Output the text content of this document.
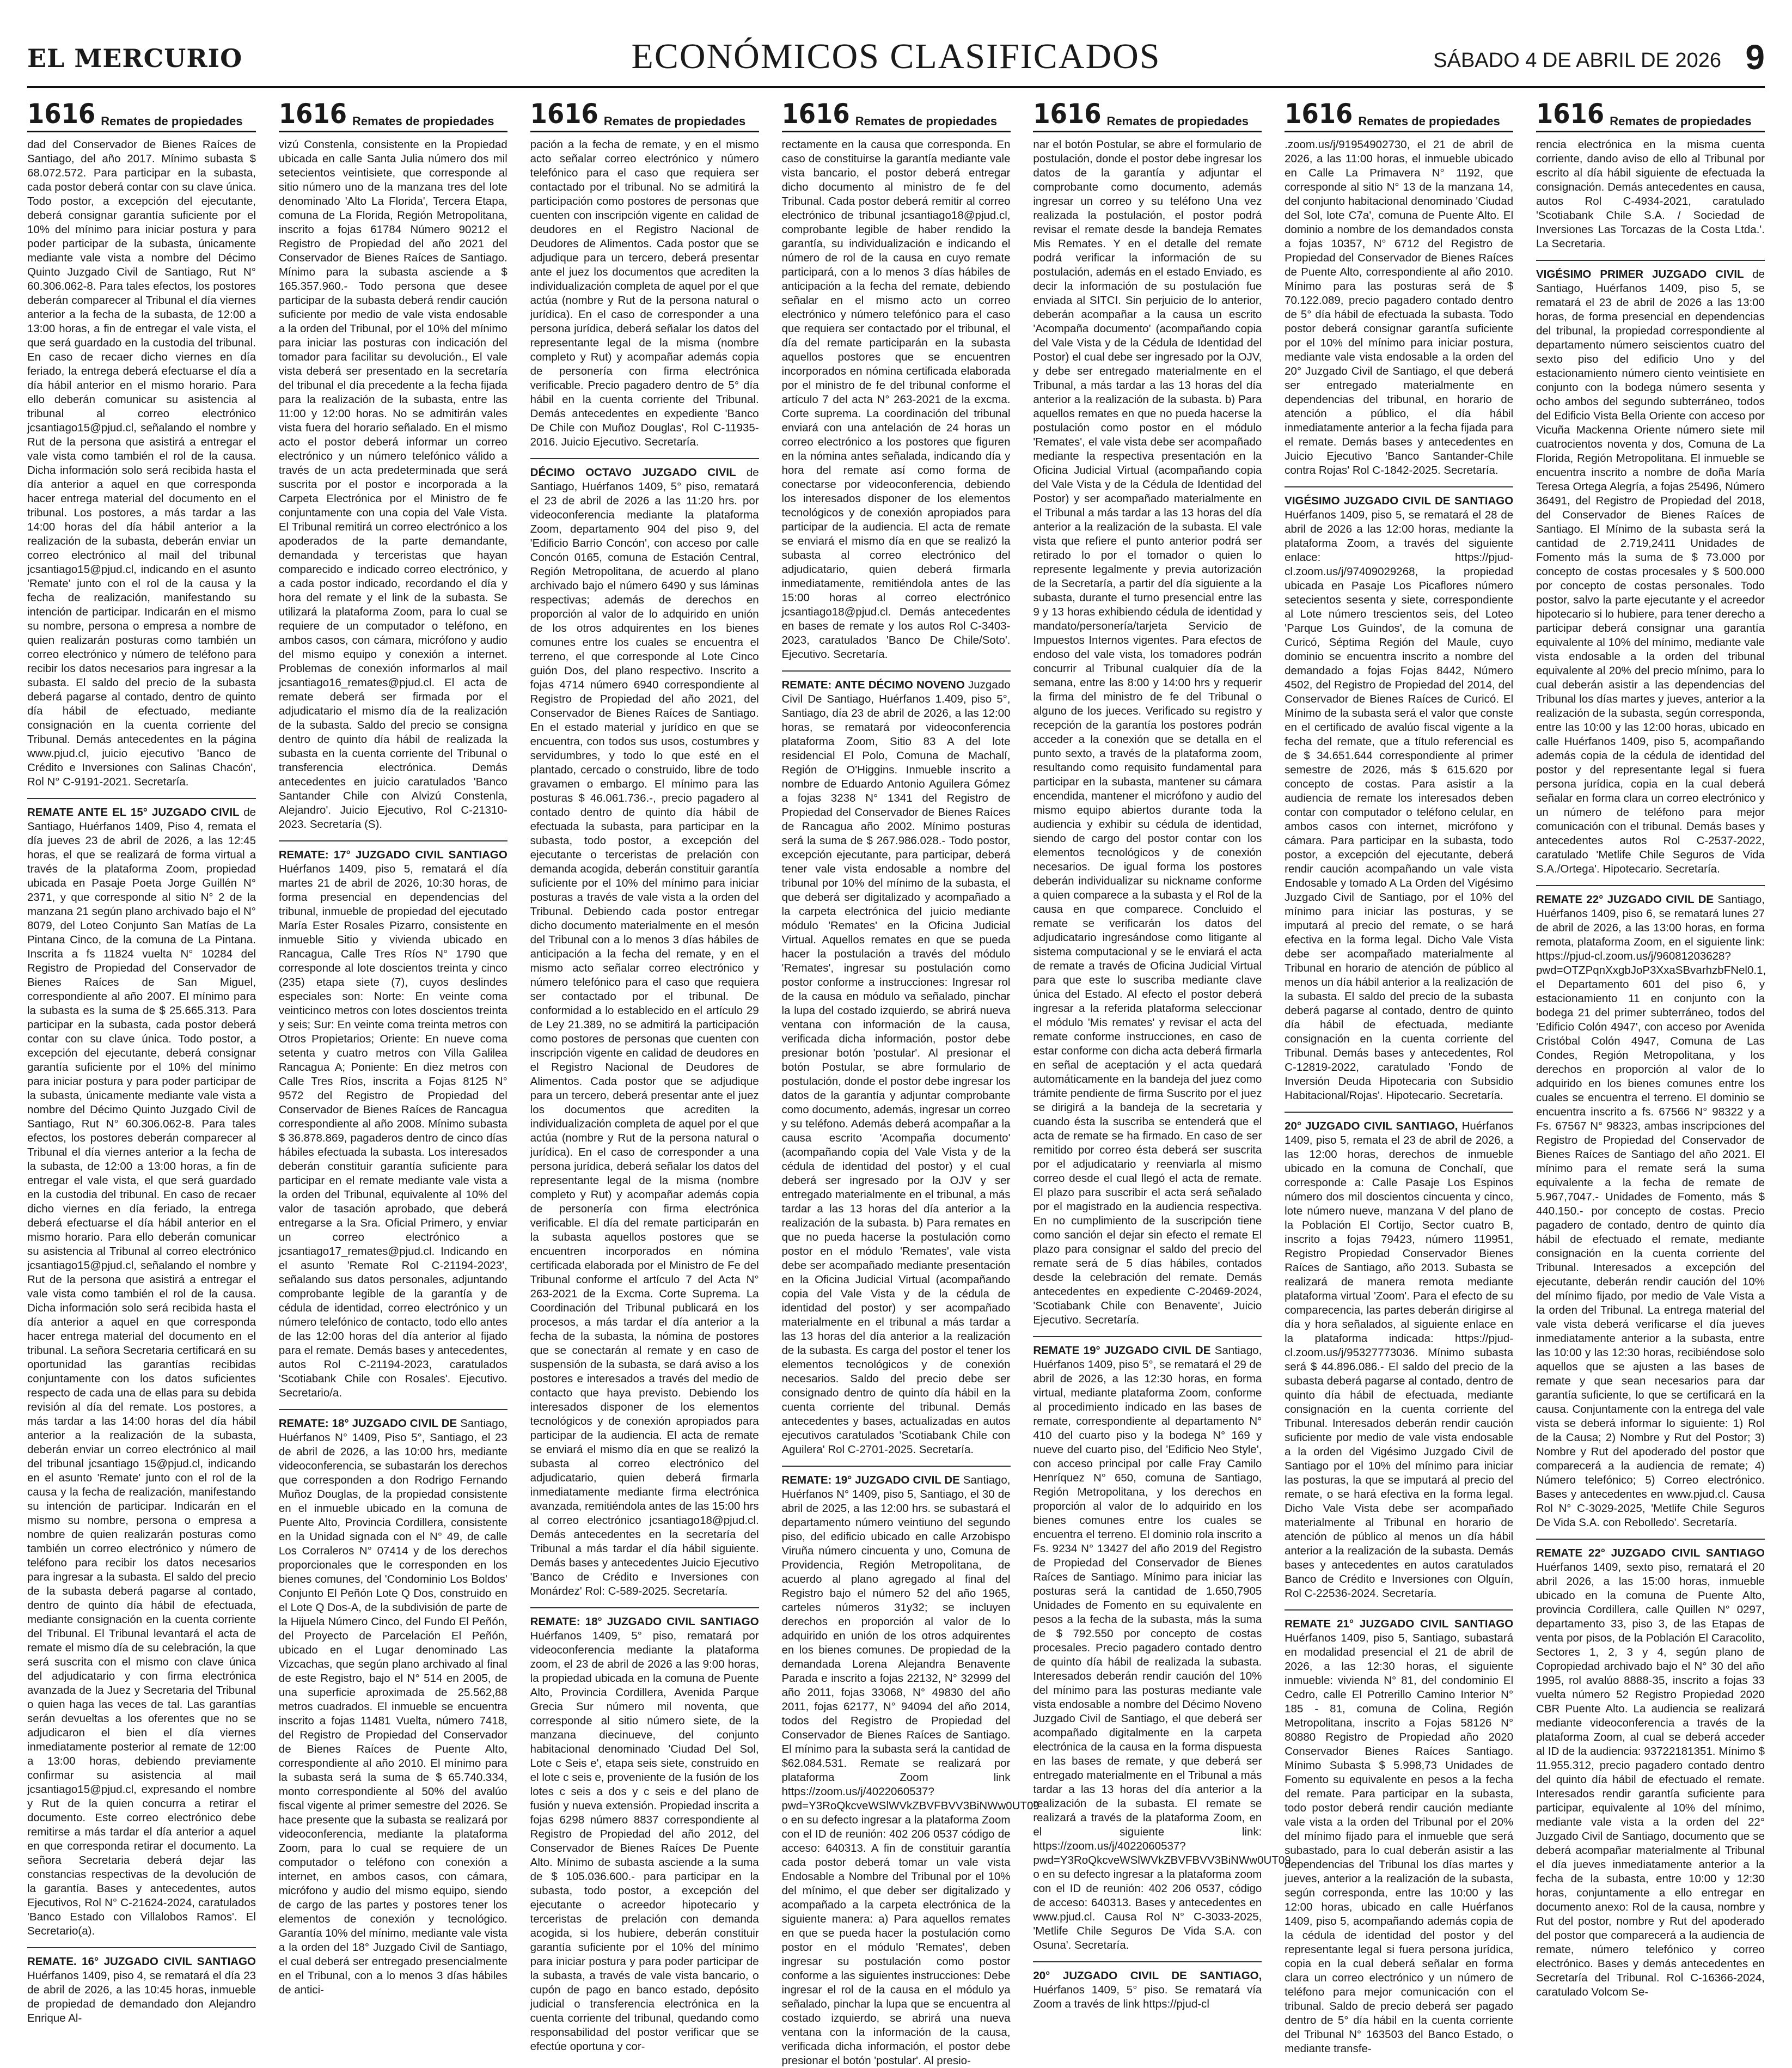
EL MERCURIO	ECONÓMICOS CLASIFICADOS	SÁBADO 4 DE ABRIL DE 2026 9
1616 Remates de propiedades

dad del Conservador de Bienes Raíces de Santiago, del año 2017. Mínimo subasta $ 68.072.572. Para participar en la subasta, cada postor deberá contar con su clave única. Todo postor, a excepción del ejecutante, deberá consignar garantía suficiente por el 10% del mínimo para iniciar postura y para poder participar de la subasta, únicamente mediante vale vista a nombre del Décimo Quinto Juzgado Civil de Santiago, Rut N° 60.306.062-8. Para tales efectos, los postores deberán comparecer al Tribunal el día viernes anterior a la fecha de la subasta, de 12:00 a 13:00 horas, a fin de entregar el vale vista, el que será guardado en la custodia del tribunal. En caso de recaer dicho viernes en día feriado, la entrega deberá efectuarse el día a día hábil anterior en el mismo horario. Para ello deberán comunicar su asistencia al tribunal al correo electrónico jcsantiago15@pjud.cl, señalando el nombre y Rut de la persona que asistirá a entregar el vale vista como también el rol de la causa. Dicha información solo será recibida hasta el día anterior a aquel en que corresponda hacer entrega material del documento en el tribunal. Los postores, a más tardar a las 14:00 horas del día hábil anterior a la realización de la subasta, deberán enviar un correo electrónico al mail del tribunal jcsantiago15@pjud.cl, indicando en el asunto 'Remate' junto con el rol de la causa y la fecha de realización, manifestando su intención de participar. Indicarán en el mismo su nombre, persona o empresa a nombre de quien realizarán posturas como también un correo electrónico y número de teléfono para recibir los datos necesarios para ingresar a la subasta. El saldo del precio de la subasta deberá pagarse al contado, dentro de quinto día hábil de efectuado, mediante consignación en la cuenta corriente del Tribunal. Demás antecedentes en la página www.pjud.cl, juicio ejecutivo 'Banco de Crédito e Inversiones con Salinas Chacón', Rol N° C-9191-2021. Secretaría.

REMATE ANTE EL 15° JUZGADO CIVIL de Santiago, Huérfanos 1409, Piso 4, remata el día jueves 23 de abril de 2026, a las 12:45 horas, el que se realizará de forma virtual a través de la plataforma Zoom, propiedad ubicada en Pasaje Poeta Jorge Guillén N° 2371, y que corresponde al sitio N° 2 de la manzana 21 según plano archivado bajo el N° 8079, del Loteo Conjunto San Matías de La Pintana Cinco, de la comuna de La Pintana. Inscrita a fs 11824 vuelta N° 10284 del Registro de Propiedad del Conservador de Bienes Raíces de San Miguel, correspondiente al año 2007. El mínimo para la subasta es la suma de $ 25.665.313. Para participar en la subasta, cada postor deberá contar con su clave única. Todo postor, a excepción del ejecutante, deberá consignar garantía suficiente por el 10% del mínimo para iniciar postura y para poder participar de la subasta, únicamente mediante vale vista a nombre del Décimo Quinto Juzgado Civil de Santiago, Rut N° 60.306.062-8. Para tales efectos, los postores deberán comparecer al Tribunal el día viernes anterior a la fecha de la subasta, de 12:00 a 13:00 horas, a fin de entregar el vale vista, el que será guardado en la custodia del tribunal. En caso de recaer dicho viernes en día feriado, la entrega deberá efectuarse el día hábil anterior en el mismo horario. Para ello deberán comunicar su asistencia al Tribunal al correo electrónico jcsantiago15@pjud.cl, señalando el nombre y Rut de la persona que asistirá a entregar el vale vista como también el rol de la causa. Dicha información solo será recibida hasta el día anterior a aquel en que corresponda hacer entrega material del documento en el tribunal. La señora Secretaria certificará en su oportunidad las garantías recibidas conjuntamente con los datos suficientes respecto de cada una de ellas para su debida revisión al día del remate. Los postores, a más tardar a las 14:00 horas del día hábil anterior a la realización de la subasta, deberán enviar un correo electrónico al mail del tribunal jcsantiago 15@pjud.cl, indicando en el asunto 'Remate' junto con el rol de la causa y la fecha de realización, manifestando su intención de participar. Indicarán en el mismo su nombre, persona o empresa a nombre de quien realizarán posturas como también un correo electrónico y número de teléfono para recibir los datos necesarios para ingresar a la subasta. El saldo del precio de la subasta deberá pagarse al contado, dentro de quinto día hábil de efectuada, mediante consignación en la cuenta corriente del Tribunal. El Tribunal levantará el acta de remate el mismo día de su celebración, la que será suscrita con el mismo con clave única del adjudicatario y con firma electrónica avanzada de la Juez y Secretaria del Tribunal o quien haga las veces de tal. Las garantías serán devueltas a los oferentes que no se adjudicaron el bien el día viernes inmediatamente posterior al remate de 12:00 a 13:00 horas, debiendo previamente confirmar su asistencia al mail jcsantiago15@pjud.cl, expresando el nombre y Rut de la quien concurra a retirar el documento. Este correo electrónico debe remitirse a más tardar el día anterior a aquel en que corresponda retirar el documento. La señora Secretaria deberá dejar las constancias respectivas de la devolución de la garantía. Bases y antecedentes, autos Ejecutivos, Rol N° C-21624-2024, caratulados 'Banco Estado con Villalobos Ramos'. El Secretario(a).

REMATE. 16° JUZGADO CIVIL SANTIAGO Huérfanos 1409, piso 4, se rematará el día 23 de abril de 2026, a las 10:45 horas, inmueble de propiedad de demandado don Alejandro Enrique Al-

1616 Remates de propiedades

vizú Constenla, consistente en la Propiedad ubicada en calle Santa Julia número dos mil setecientos veintisiete, que corresponde al sitio número uno de la manzana tres del lote denominado 'Alto La Florida', Tercera Etapa, comuna de La Florida, Región Metropolitana, inscrito a fojas 61784 Número 90212 el Registro de Propiedad del año 2021 del Conservador de Bienes Raíces de Santiago. Mínimo para la subasta asciende a $ 165.357.960.- Todo persona que desee participar de la subasta deberá rendir caución suficiente por medio de vale vista endosable a la orden del Tribunal, por el 10% del mínimo para iniciar las posturas con indicación del tomador para facilitar su devolución., El vale vista deberá ser presentado en la secretaría del tribunal el día precedente a la fecha fijada para la realización de la subasta, entre las 11:00 y 12:00 horas. No se admitirán vales vista fuera del horario señalado. En el mismo acto el postor deberá informar un correo electrónico y un número telefónico válido a través de un acta predeterminada que será suscrita por el postor e incorporada a la Carpeta Electrónica por el Ministro de fe conjuntamente con una copia del Vale Vista. El Tribunal remitirá un correo electrónico a los apoderados de la parte demandante, demandada y terceristas que hayan comparecido e indicado correo electrónico, y a cada postor indicado, recordando el día y hora del remate y el link de la subasta. Se utilizará la plataforma Zoom, para lo cual se requiere de un computador o teléfono, en ambos casos, con cámara, micrófono y audio del mismo equipo y conexión a internet. Problemas de conexión informarlos al mail jcsantiago16_remates@pjud.cl. El acta de remate deberá ser firmada por el adjudicatario el mismo día de la realización de la subasta. Saldo del precio se consigna dentro de quinto día hábil de realizada la subasta en la cuenta corriente del Tribunal o transferencia electrónica. Demás antecedentes en juicio caratulados 'Banco Santander Chile con Alvizú Constenla, Alejandro'. Juicio Ejecutivo, Rol C-21310-2023. Secretaría (S).

REMATE: 17° JUZGADO CIVIL SANTIAGO Huérfanos 1409, piso 5, rematará el día martes 21 de abril de 2026, 10:30 horas, de forma presencial en dependencias del tribunal, inmueble de propiedad del ejecutado María Ester Rosales Pizarro, consistente en inmueble Sitio y vivienda ubicado en Rancagua, Calle Tres Ríos N° 1790 que corresponde al lote doscientos treinta y cinco (235) etapa siete (7), cuyos deslindes especiales son: Norte: En veinte coma veinticinco metros con lotes doscientos treinta y seis; Sur: En veinte coma treinta metros con Otros Propietarios; Oriente: En nueve coma setenta y cuatro metros con Villa Galilea Rancagua A; Poniente: En diez metros con Calle Tres Ríos, inscrita a Fojas 8125 N° 9572 del Registro de Propiedad del Conservador de Bienes Raíces de Rancagua correspondiente al año 2008. Mínimo subasta $ 36.878.869, pagaderos dentro de cinco días hábiles efectuada la subasta. Los interesados deberán constituir garantía suficiente para participar en el remate mediante vale vista a la orden del Tribunal, equivalente al 10% del valor de tasación aprobado, que deberá entregarse a la Sra. Oficial Primero, y enviar un correo electrónico a jcsantiago17_remates@pjud.cl. Indicando en el asunto 'Remate Rol C-21194-2023', señalando sus datos personales, adjuntando comprobante legible de la garantía y de cédula de identidad, correo electrónico y un número telefónico de contacto, todo ello antes de las 12:00 horas del día anterior al fijado para el remate. Demás bases y antecedentes, autos Rol C-21194-2023, caratulados 'Scotiabank Chile con Rosales'. Ejecutivo. Secretario/a.

REMATE: 18° JUZGADO CIVIL DE Santiago, Huérfanos N° 1409, Piso 5°, Santiago, el 23 de abril de 2026, a las 10:00 hrs, mediante videoconferencia, se subastarán los derechos que corresponden a don Rodrigo Fernando Muñoz Douglas, de la propiedad consistente en el inmueble ubicado en la comuna de Puente Alto, Provincia Cordillera, consistente en la Unidad signada con el N° 49, de calle Los Corraleros N° 07414 y de los derechos proporcionales que le corresponden en los bienes comunes, del 'Condominio Los Boldos' Conjunto El Peñón Lote Q Dos, construido en el Lote Q Dos-A, de la subdivisión de parte de la Hijuela Número Cinco, del Fundo El Peñón, del Proyecto de Parcelación El Peñón, ubicado en el Lugar denominado Las Vizcachas, que según plano archivado al final de este Registro, bajo el N° 514 en 2005, de una superficie aproximada de 25.562,88 metros cuadrados. El inmueble se encuentra inscrito a fojas 11481 Vuelta, número 7418, del Registro de Propiedad del Conservador de Bienes Raíces de Puente Alto, correspondiente al año 2010. El mínimo para la subasta será la suma de $ 65.740.334, monto correspondiente al 50% del avalúo fiscal vigente al primer semestre del 2026. Se hace presente que la subasta se realizará por videoconferencia, mediante la plataforma Zoom, para lo cual se requiere de un computador o teléfono con conexión a internet, en ambos casos, con cámara, micrófono y audio del mismo equipo, siendo de cargo de las partes y postores tener los elementos de conexión y tecnológico. Garantía 10% del mínimo, mediante vale vista a la orden del 18° Juzgado Civil de Santiago, el cual deberá ser entregado presencialmente en el Tribunal, con a lo menos 3 días hábiles de antici-

1616 Remates de propiedades

pación a la fecha de remate, y en el mismo acto señalar correo electrónico y número telefónico para el caso que requiera ser contactado por el tribunal. No se admitirá la participación como postores de personas que cuenten con inscripción vigente en calidad de deudores en el Registro Nacional de Deudores de Alimentos. Cada postor que se adjudique para un tercero, deberá presentar ante el juez los documentos que acrediten la individualización completa de aquel por el que actúa (nombre y Rut de la persona natural o jurídica). En el caso de corresponder a una persona jurídica, deberá señalar los datos del representante legal de la misma (nombre completo y Rut) y acompañar además copia de personería con firma electrónica verificable. Precio pagadero dentro de 5° día hábil en la cuenta corriente del Tribunal. Demás antecedentes en expediente 'Banco De Chile con Muñoz Douglas', Rol C-11935-2016. Juicio Ejecutivo. Secretaría.

DÉCIMO OCTAVO JUZGADO CIVIL de Santiago, Huérfanos 1409, 5° piso, rematará el 23 de abril de 2026 a las 11:20 hrs. por videoconferencia mediante la plataforma Zoom, departamento 904 del piso 9, del 'Edificio Barrio Concón', con acceso por calle Concón 0165, comuna de Estación Central, Región Metropolitana, de acuerdo al plano archivado bajo el número 6490 y sus láminas respectivas; además de derechos en proporción al valor de lo adquirido en unión de los otros adquirentes en los bienes comunes entre los cuales se encuentra el terreno, el que corresponde al Lote Cinco guión Dos, del plano respectivo. Inscrito a fojas 4714 número 6940 correspondiente al Registro de Propiedad del año 2021, del Conservador de Bienes Raíces de Santiago. En el estado material y jurídico en que se encuentra, con todos sus usos, costumbres y servidumbres, y todo lo que esté en el plantado, cercado o construido, libre de todo gravamen o embargo. El mínimo para las posturas $ 46.061.736.-, precio pagadero al contado dentro de quinto día hábil de efectuada la subasta, para participar en la subasta, todo postor, a excepción del ejecutante o terceristas de prelación con demanda acogida, deberán constituir garantía suficiente por el 10% del mínimo para iniciar posturas a través de vale vista a la orden del Tribunal. Debiendo cada postor entregar dicho documento materialmente en el mesón del Tribunal con a lo menos 3 días hábiles de anticipación a la fecha del remate, y en el mismo acto señalar correo electrónico y número telefónico para el caso que requiera ser contactado por el tribunal. De conformidad a lo establecido en el artículo 29 de Ley 21.389, no se admitirá la participación como postores de personas que cuenten con inscripción vigente en calidad de deudores en el Registro Nacional de Deudores de Alimentos. Cada postor que se adjudique para un tercero, deberá presentar ante el juez los documentos que acrediten la individualización completa de aquel por el que actúa (nombre y Rut de la persona natural o jurídica). En el caso de corresponder a una persona jurídica, deberá señalar los datos del representante legal de la misma (nombre completo y Rut) y acompañar además copia de personería con firma electrónica verificable. El día del remate participarán en la subasta aquellos postores que se encuentren incorporados en nómina certificada elaborada por el Ministro de Fe del Tribunal conforme el artículo 7 del Acta N° 263-2021 de la Excma. Corte Suprema. La Coordinación del Tribunal publicará en los procesos, a más tardar el día anterior a la fecha de la subasta, la nómina de postores que se conectarán al remate y en caso de suspensión de la subasta, se dará aviso a los postores e interesados a través del medio de contacto que haya previsto. Debiendo los interesados disponer de los elementos tecnológicos y de conexión apropiados para participar de la audiencia. El acta de remate se enviará el mismo día en que se realizó la subasta al correo electrónico del adjudicatario, quien deberá firmarla inmediatamente mediante firma electrónica avanzada, remitiéndola antes de las 15:00 hrs al correo electrónico jcsantiago18@pjud.cl. Demás antecedentes en la secretaría del Tribunal a más tardar el día hábil siguiente. Demás bases y antecedentes Juicio Ejecutivo 'Banco de Crédito e Inversiones con Monárdez' Rol: C-589-2025. Secretaría.

REMATE: 18° JUZGADO CIVIL SANTIAGO Huérfanos 1409, 5° piso, rematará por videoconferencia mediante la plataforma zoom, el 23 de abril de 2026 a las 9:00 horas, la propiedad ubicada en la comuna de Puente Alto, Provincia Cordillera, Avenida Parque Grecia Sur número mil noventa, que corresponde al sitio número siete, de la manzana diecinueve, del conjunto habitacional denominado 'Ciudad Del Sol, Lote c Seis e', etapa seis siete, construido en el lote c seis e, proveniente de la fusión de los lotes c seis a dos y c seis e del plano de fusión y nueva extensión. Propiedad inscrita a fojas 6298 número 8837 correspondiente al Registro de Propiedad del año 2012, del Conservador de Bienes Raíces De Puente Alto. Mínimo de subasta asciende a la suma de $ 105.036.600.- para participar en la subasta, todo postor, a excepción del ejecutante o acreedor hipotecario y terceristas de prelación con demanda acogida, si los hubiere, deberán constituir garantía suficiente por el 10% del mínimo para iniciar postura y para poder participar de la subasta, a través de vale vista bancario, o cupón de pago en banco estado, depósito judicial o transferencia electrónica en la cuenta corriente del tribunal, quedando como responsabilidad del postor verificar que se efectúe oportuna y cor-

1616 Remates de propiedades

rectamente en la causa que corresponda. En caso de constituirse la garantía mediante vale vista bancario, el postor deberá entregar dicho documento al ministro de fe del Tribunal. Cada postor deberá remitir al correo electrónico de tribunal jcsantiago18@pjud.cl, comprobante legible de haber rendido la garantía, su individualización e indicando el número de rol de la causa en cuyo remate participará, con a lo menos 3 días hábiles de anticipación a la fecha del remate, debiendo señalar en el mismo acto un correo electrónico y número telefónico para el caso que requiera ser contactado por el tribunal, el día del remate participarán en la subasta aquellos postores que se encuentren incorporados en nómina certificada elaborada por el ministro de fe del tribunal conforme el artículo 7 del acta N° 263-2021 de la excma. Corte suprema. La coordinación del tribunal enviará con una antelación de 24 horas un correo electrónico a los postores que figuren en la nómina antes señalada, indicando día y hora del remate así como forma de conectarse por videoconferencia, debiendo los interesados disponer de los elementos tecnológicos y de conexión apropiados para participar de la audiencia. El acta de remate se enviará el mismo día en que se realizó la subasta al correo electrónico del adjudicatario, quien deberá firmarla inmediatamente, remitiéndola antes de las 15:00 horas al correo electrónico jcsantiago18@pjud.cl. Demás antecedentes en bases de remate y los autos Rol C-3403-2023, caratulados 'Banco De Chile/Soto'. Ejecutivo. Secretaría.

REMATE: ANTE DÉCIMO NOVENO Juzgado Civil De Santiago, Huérfanos 1.409, piso 5°, Santiago, día 23 de abril de 2026, a las 12:00 horas, se rematará por videoconferencia plataforma Zoom, Sitio 83 A del lote residencial El Polo, Comuna de Machalí, Región de O'Higgins. Inmueble inscrito a nombre de Eduardo Antonio Aguilera Gómez a fojas 3238 N° 1341 del Registro de Propiedad del Conservador de Bienes Raíces de Rancagua año 2002. Mínimo posturas será la suma de $ 267.986.028.- Todo postor, excepción ejecutante, para participar, deberá tener vale vista endosable a nombre del tribunal por 10% del mínimo de la subasta, el que deberá ser digitalizado y acompañado a la carpeta electrónica del juicio mediante módulo 'Remates' en la Oficina Judicial Virtual. Aquellos remates en que se pueda hacer la postulación a través del módulo 'Remates', ingresar su postulación como postor conforme a instrucciones: Ingresar rol de la causa en módulo va señalado, pinchar la lupa del costado izquierdo, se abrirá nueva ventana con información de la causa, verificada dicha información, postor debe presionar botón 'postular'. Al presionar el botón Postular, se abre formulario de postulación, donde el postor debe ingresar los datos de la garantía y adjuntar comprobante como documento, además, ingresar un correo y su teléfono. Además deberá acompañar a la causa escrito 'Acompaña documento' (acompañando copia del Vale Vista y de la cédula de identidad del postor) y el cual deberá ser ingresado por la OJV y ser entregado materialmente en el tribunal, a más tardar a las 13 horas del día anterior a la realización de la subasta. b) Para remates en que no pueda hacerse la postulación como postor en el módulo 'Remates', vale vista debe ser acompañado mediante presentación en la Oficina Judicial Virtual (acompañando copia del Vale Vista y de la cédula de identidad del postor) y ser acompañado materialmente en el tribunal a más tardar a las 13 horas del día anterior a la realización de la subasta. Es carga del postor el tener los elementos tecnológicos y de conexión necesarios. Saldo del precio debe ser consignado dentro de quinto día hábil en la cuenta corriente del tribunal. Demás antecedentes y bases, actualizadas en autos ejecutivos caratulados 'Scotiabank Chile con Aguilera' Rol C-2701-2025. Secretaría.

REMATE: 19° JUZGADO CIVIL DE Santiago, Huérfanos N° 1409, piso 5, Santiago, el 30 de abril de 2025, a las 12:00 hrs. se subastará el departamento número veintiuno del segundo piso, del edificio ubicado en calle Arzobispo Viruña número cincuenta y uno, Comuna de Providencia, Región Metropolitana, de acuerdo al plano agregado al final del Registro bajo el número 52 del año 1965, carteles números 31y32; se incluyen derechos en proporción al valor de lo adquirido en unión de los otros adquirentes en los bienes comunes. De propiedad de la demandada Lorena Alejandra Benavente Parada e inscrito a fojas 22132, N° 32999 del año 2011, fojas 33068, N° 49830 del año 2011, fojas 62177, N° 94094 del año 2014, todos del Registro de Propiedad del Conservador de Bienes Raíces de Santiago. El mínimo para la subasta será la cantidad de $62.084.531. Remate se realizará por plataforma Zoom link https://zoom.us/j/4022060537?pwd=Y3RoQkcveWSlWVkZBVFBVV3BiNWw0UT09 o en su defecto ingresar a la plataforma Zoom con el ID de reunión: 402 206 0537 código de acceso: 640313. A fin de constituir garantía cada postor deberá tomar un vale vista Endosable a Nombre del Tribunal por el 10% del mínimo, el que deber ser digitalizado y acompañado a la carpeta electrónica de la siguiente manera: a) Para aquellos remates en que se pueda hacer la postulación como postor en el módulo 'Remates', deben ingresar su postulación como postor conforme a las siguientes instrucciones: Debe ingresar el rol de la causa en el módulo ya señalado, pinchar la lupa que se encuentra al costado izquierdo, se abrirá una nueva ventana con la información de la causa, verificada dicha información, el postor debe presionar el botón 'postular'. Al presio-

1616 Remates de propiedades

nar el botón Postular, se abre el formulario de postulación, donde el postor debe ingresar los datos de la garantía y adjuntar el comprobante como documento, además ingresar un correo y su teléfono Una vez realizada la postulación, el postor podrá revisar el remate desde la bandeja Remates Mis Remates. Y en el detalle del remate podrá verificar la información de su postulación, además en el estado Enviado, es decir la información de su postulación fue enviada al SITCI. Sin perjuicio de lo anterior, deberán acompañar a la causa un escrito 'Acompaña documento' (acompañando copia del Vale Vista y de la Cédula de Identidad del Postor) el cual debe ser ingresado por la OJV, y debe ser entregado materialmente en el Tribunal, a más tardar a las 13 horas del día anterior a la realización de la subasta. b) Para aquellos remates en que no pueda hacerse la postulación como postor en el módulo 'Remates', el vale vista debe ser acompañado mediante la respectiva presentación en la Oficina Judicial Virtual (acompañando copia del Vale Vista y de la Cédula de Identidad del Postor) y ser acompañado materialmente en el Tribunal a más tardar a las 13 horas del día anterior a la realización de la subasta. El vale vista que refiere el punto anterior podrá ser retirado lo por el tomador o quien lo represente legalmente y previa autorización de la Secretaría, a partir del día siguiente a la subasta, durante el turno presencial entre las 9 y 13 horas exhibiendo cédula de identidad y mandato/personería/tarjeta Servicio de Impuestos Internos vigentes. Para efectos de endoso del vale vista, los tomadores podrán concurrir al Tribunal cualquier día de la semana, entre las 8:00 y 14:00 hrs y requerir la firma del ministro de fe del Tribunal o alguno de los jueces. Verificado su registro y recepción de la garantía los postores podrán acceder a la conexión que se detalla en el punto sexto, a través de la plataforma zoom, resultando como requisito fundamental para participar en la subasta, mantener su cámara encendida, mantener el micrófono y audio del mismo equipo abiertos durante toda la audiencia y exhibir su cédula de identidad, siendo de cargo del postor contar con los elementos tecnológicos y de conexión necesarios. De igual forma los postores deberán individualizar su nickname conforme a quien comparece a la subasta y el Rol de la causa en que comparece. Concluido el remate se verificarán los datos del adjudicatario ingresándose como litigante al sistema computacional y se le enviará el acta de remate a través de Oficina Judicial Virtual para que este lo suscriba mediante clave única del Estado. Al efecto el postor deberá ingresar a la referida plataforma seleccionar el módulo 'Mis remates' y revisar el acta del remate conforme instrucciones, en caso de estar conforme con dicha acta deberá firmarla en señal de aceptación y el acta quedará automáticamente en la bandeja del juez como trámite pendiente de firma Suscrito por el juez se dirigirá a la bandeja de la secretaria y cuando ésta la suscriba se entenderá que el acta de remate se ha firmado. En caso de ser remitido por correo ésta deberá ser suscrita por el adjudicatario y reenviarla al mismo correo desde el cual llegó el acta de remate. El plazo para suscribir el acta será señalado por el magistrado en la audiencia respectiva. En no cumplimiento de la suscripción tiene como sanción el dejar sin efecto el remate El plazo para consignar el saldo del precio del remate será de 5 días hábiles, contados desde la celebración del remate. Demás antecedentes en expediente C-20469-2024, 'Scotiabank Chile con Benavente', Juicio Ejecutivo. Secretaría.

REMATE 19° JUZGADO CIVIL DE Santiago, Huérfanos 1409, piso 5°, se rematará el 29 de abril de 2026, a las 12:30 horas, en forma virtual, mediante plataforma Zoom, conforme al procedimiento indicado en las bases de remate, correspondiente al departamento N° 410 del cuarto piso y la bodega N° 169 y nueve del cuarto piso, del 'Edificio Neo Style', con acceso principal por calle Fray Camilo Henríquez N° 650, comuna de Santiago, Región Metropolitana, y los derechos en proporción al valor de lo adquirido en los bienes comunes entre los cuales se encuentra el terreno. El dominio rola inscrito a Fs. 9234 N° 13427 del año 2019 del Registro de Propiedad del Conservador de Bienes Raíces de Santiago. Mínimo para iniciar las posturas será la cantidad de 1.650,7905 Unidades de Fomento en su equivalente en pesos a la fecha de la subasta, más la suma de $ 792.550 por concepto de costas procesales. Precio pagadero contado dentro de quinto día hábil de realizada la subasta. Interesados deberán rendir caución del 10% del mínimo para las posturas mediante vale vista endosable a nombre del Décimo Noveno Juzgado Civil de Santiago, el que deberá ser acompañado digitalmente en la carpeta electrónica de la causa en la forma dispuesta en las bases de remate, y que deberá ser entregado materialmente en el Tribunal a más tardar a las 13 horas del día anterior a la realización de la subasta. El remate se realizará a través de la plataforma Zoom, en el siguiente link: https://zoom.us/j/4022060537?pwd=Y3RoQkcveWSlWVkZBVFBVV3BiNWw0UT09 o en su defecto ingresar a la plataforma zoom con el ID de reunión: 402 206 0537, código de acceso: 640313. Bases y antecedentes en www.pjud.cl. Causa Rol N° C-3033-2025, 'Metlife Chile Seguros De Vida S.A. con Osuna'. Secretaría.

20° JUZGADO CIVIL DE SANTIAGO, Huérfanos 1409, 5° piso. Se rematará vía Zoom a través de link https://pjud-cl

1616 Remates de propiedades

.zoom.us/j/91954902730, el 21 de abril de 2026, a las 11:00 horas, el inmueble ubicado en Calle La Primavera N° 1192, que corresponde al sitio N° 13 de la manzana 14, del conjunto habitacional denominado 'Ciudad del Sol, lote C7a', comuna de Puente Alto. El dominio a nombre de los demandados consta a fojas 10357, N° 6712 del Registro de Propiedad del Conservador de Bienes Raíces de Puente Alto, correspondiente al año 2010. Mínimo para las posturas será de $ 70.122.089, precio pagadero contado dentro de 5° día hábil de efectuada la subasta. Todo postor deberá consignar garantía suficiente por el 10% del mínimo para iniciar postura, mediante vale vista endosable a la orden del 20° Juzgado Civil de Santiago, el que deberá ser entregado materialmente en dependencias del tribunal, en horario de atención a público, el día hábil inmediatamente anterior a la fecha fijada para el remate. Demás bases y antecedentes en Juicio Ejecutivo 'Banco Santander-Chile contra Rojas' Rol C-1842-2025. Secretaría.

VIGÉSIMO JUZGADO CIVIL DE SANTIAGO Huérfanos 1409, piso 5, se rematará el 28 de abril de 2026 a las 12:00 horas, mediante la plataforma Zoom, a través del siguiente enlace: https://pjud-cl.zoom.us/j/97409029268, la propiedad ubicada en Pasaje Los Picaflores número setecientos sesenta y siete, correspondiente al Lote número trescientos seis, del Loteo 'Parque Los Guindos', de la comuna de Curicó, Séptima Región del Maule, cuyo dominio se encuentra inscrito a nombre del demandado a fojas Fojas 8442, Número 4502, del Registro de Propiedad del 2014, del Conservador de Bienes Raíces de Curicó. El Mínimo de la subasta será el valor que conste en el certificado de avalúo fiscal vigente a la fecha del remate, que a título referencial es de $ 34.651.644 correspondiente al primer semestre de 2026, más $ 615.620 por concepto de costas. Para asistir a la audiencia de remate los interesados deben contar con computador o teléfono celular, en ambos casos con internet, micrófono y cámara. Para participar en la subasta, todo postor, a excepción del ejecutante, deberá rendir caución acompañando un vale vista Endosable y tomado A La Orden del Vigésimo Juzgado Civil de Santiago, por el 10% del mínimo para iniciar las posturas, y se imputará al precio del remate, o se hará efectiva en la forma legal. Dicho Vale Vista debe ser acompañado materialmente al Tribunal en horario de atención de público al menos un día hábil anterior a la realización de la subasta. El saldo del precio de la subasta deberá pagarse al contado, dentro de quinto día hábil de efectuada, mediante consignación en la cuenta corriente del Tribunal. Demás bases y antecedentes, Rol C-12819-2022, caratulado 'Fondo de Inversión Deuda Hipotecaria con Subsidio Habitacional/Rojas'. Hipotecario. Secretaría.

20° JUZGADO CIVIL SANTIAGO, Huérfanos 1409, piso 5, remata el 23 de abril de 2026, a las 12:00 horas, derechos de inmueble ubicado en la comuna de Conchalí, que corresponde a: Calle Pasaje Los Espinos número dos mil doscientos cincuenta y cinco, lote número nueve, manzana V del plano de la Población El Cortijo, Sector cuatro B, inscrito a fojas 79423, número 119951, Registro Propiedad Conservador Bienes Raíces de Santiago, año 2013. Subasta se realizará de manera remota mediante plataforma virtual 'Zoom'. Para el efecto de su comparecencia, las partes deberán dirigirse al día y hora señalados, al siguiente enlace en la plataforma indicada: https://pjud-cl.zoom.us/j/95327773036. Mínimo subasta será $ 44.896.086.- El saldo del precio de la subasta deberá pagarse al contado, dentro de quinto día hábil de efectuada, mediante consignación en la cuenta corriente del Tribunal. Interesados deberán rendir caución suficiente por medio de vale vista endosable a la orden del Vigésimo Juzgado Civil de Santiago por el 10% del mínimo para iniciar las posturas, la que se imputará al precio del remate, o se hará efectiva en la forma legal. Dicho Vale Vista debe ser acompañado materialmente al Tribunal en horario de atención de público al menos un día hábil anterior a la realización de la subasta. Demás bases y antecedentes en autos caratulados Banco de Crédito e Inversiones con Olguín, Rol C-22536-2024. Secretaría.

REMATE 21° JUZGADO CIVIL SANTIAGO Huérfanos 1409, piso 5, Santiago, subastará en modalidad presencial el 21 de abril de 2026, a las 12:30 horas, el siguiente inmueble: vivienda N° 81, del condominio El Cedro, calle El Potrerillo Camino Interior N° 185 - 81, comuna de Colina, Región Metropolitana, inscrito a Fojas 58126 N° 80880 Registro de Propiedad año 2020 Conservador Bienes Raíces Santiago. Mínimo Subasta $ 5.998,73 Unidades de Fomento su equivalente en pesos a la fecha del remate. Para participar en la subasta, todo postor deberá rendir caución mediante vale vista a la orden del Tribunal por el 20% del mínimo fijado para el inmueble que será subastado, para lo cual deberán asistir a las dependencias del Tribunal los días martes y jueves, anterior a la realización de la subasta, según corresponda, entre las 10:00 y las 12:00 horas, ubicado en calle Huérfanos 1409, piso 5, acompañando además copia de la cédula de identidad del postor y del representante legal si fuera persona jurídica, copia en la cual deberá señalar en forma clara un correo electrónico y un número de teléfono para mejor comunicación con el tribunal. Saldo de precio deberá ser pagado dentro de 5° día hábil en la cuenta corriente del Tribunal N° 163503 del Banco Estado, o mediante transfe-

1616 Remates de propiedades

rencia electrónica en la misma cuenta corriente, dando aviso de ello al Tribunal por escrito al día hábil siguiente de efectuada la consignación. Demás antecedentes en causa, autos Rol C-4934-2021, caratulado 'Scotiabank Chile S.A. / Sociedad de Inversiones Las Torcazas de la Costa Ltda.'. La Secretaria.

VIGÉSIMO PRIMER JUZGADO CIVIL de Santiago, Huérfanos 1409, piso 5, se rematará el 23 de abril de 2026 a las 13:00 horas, de forma presencial en dependencias del tribunal, la propiedad correspondiente al departamento número seiscientos cuatro del sexto piso del edificio Uno y del estacionamiento número ciento veintisiete en conjunto con la bodega número sesenta y ocho ambos del segundo subterráneo, todos del Edificio Vista Bella Oriente con acceso por Vicuña Mackenna Oriente número siete mil cuatrocientos noventa y dos, Comuna de La Florida, Región Metropolitana. El inmueble se encuentra inscrito a nombre de doña María Teresa Ortega Alegría, a fojas 25496, Número 36491, del Registro de Propiedad del 2018, del Conservador de Bienes Raíces de Santiago. El Mínimo de la subasta será la cantidad de 2.719,2411 Unidades de Fomento más la suma de $ 73.000 por concepto de costas procesales y $ 500.000 por concepto de costas personales. Todo postor, salvo la parte ejecutante y el acreedor hipotecario si lo hubiere, para tener derecho a participar deberá consignar una garantía equivalente al 10% del mínimo, mediante vale vista endosable a la orden del tribunal equivalente al 20% del precio mínimo, para lo cual deberán asistir a las dependencias del Tribunal los días martes y jueves, anterior a la realización de la subasta, según corresponda, entre las 10:00 y las 12:00 horas, ubicado en calle Huérfanos 1409, piso 5, acompañando además copia de la cédula de identidad del postor y del representante legal si fuera persona jurídica, copia en la cual deberá señalar en forma clara un correo electrónico y un número de teléfono para mejor comunicación con el tribunal. Demás bases y antecedentes autos Rol C-2537-2022, caratulado 'Metlife Chile Seguros de Vida S.A./Ortega'. Hipotecario. Secretaría.

REMATE 22° JUZGADO CIVIL DE Santiago, Huérfanos 1409, piso 6, se rematará lunes 27 de abril de 2026, a las 13:00 horas, en forma remota, plataforma Zoom, en el siguiente link: https://pjud-cl.zoom.us/j/96081203628?pwd=OTZPqnXxgbJoP3XxaSBvarhzbFNel0.1, el Departamento 601 del piso 6, y estacionamiento 11 en conjunto con la bodega 21 del primer subterráneo, todos del 'Edificio Colón 4947', con acceso por Avenida Cristóbal Colón 4947, Comuna de Las Condes, Región Metropolitana, y los derechos en proporción al valor de lo adquirido en los bienes comunes entre los cuales se encuentra el terreno. El dominio se encuentra inscrito a fs. 67566 N° 98322 y a Fs. 67567 N° 98323, ambas inscripciones del Registro de Propiedad del Conservador de Bienes Raíces de Santiago del año 2021. El mínimo para el remate será la suma equivalente a la fecha de remate de 5.967,7047.- Unidades de Fomento, más $ 440.150.- por concepto de costas. Precio pagadero de contado, dentro de quinto día hábil de efectuado el remate, mediante consignación en la cuenta corriente del Tribunal. Interesados a excepción del ejecutante, deberán rendir caución del 10% del mínimo fijado, por medio de Vale Vista a la orden del Tribunal. La entrega material del vale vista deberá verificarse el día jueves inmediatamente anterior a la subasta, entre las 10:00 y las 12:30 horas, recibiéndose solo aquellos que se ajusten a las bases de remate y que sean necesarios para dar garantía suficiente, lo que se certificará en la causa. Conjuntamente con la entrega del vale vista se deberá informar lo siguiente: 1) Rol de la Causa; 2) Nombre y Rut del Postor; 3) Nombre y Rut del apoderado del postor que comparecerá a la audiencia de remate; 4) Número telefónico; 5) Correo electrónico. Bases y antecedentes en www.pjud.cl. Causa Rol N° C-3029-2025, 'Metlife Chile Seguros De Vida S.A. con Rebolledo'. Secretaría.

REMATE 22° JUZGADO CIVIL SANTIAGO Huérfanos 1409, sexto piso, rematará el 20 abril 2026, a las 15:00 horas, inmueble ubicado en la comuna de Puente Alto, provincia Cordillera, calle Quillen N° 0297, departamento 33, piso 3, de las Etapas de venta por pisos, de la Población El Caracolito, Sectores 1, 2, 3 y 4, según plano de Copropiedad archivado bajo el N° 30 del año 1995, rol avalúo 8888-35, inscrito a fojas 33 vuelta número 52 Registro Propiedad 2020 CBR Puente Alto. La audiencia se realizará mediante videoconferencia a través de la plataforma Zoom, al cual se deberá acceder al ID de la audiencia: 93722181351. Mínimo $ 11.955.312, precio pagadero contado dentro del quinto día hábil de efectuado el remate. Interesados rendir garantía suficiente para participar, equivalente al 10% del mínimo, mediante vale vista a la orden del 22° Juzgado Civil de Santiago, documento que se deberá acompañar materialmente al Tribunal el día jueves inmediatamente anterior a la fecha de la subasta, entre 10:00 y 12:30 horas, conjuntamente a ello entregar en documento anexo: Rol de la causa, nombre y Rut del postor, nombre y Rut del apoderado del postor que comparecerá a la audiencia de remate, número telefónico y correo electrónico. Bases y demás antecedentes en Secretaría del Tribunal. Rol C-16366-2024, caratulado Volcom Se-
